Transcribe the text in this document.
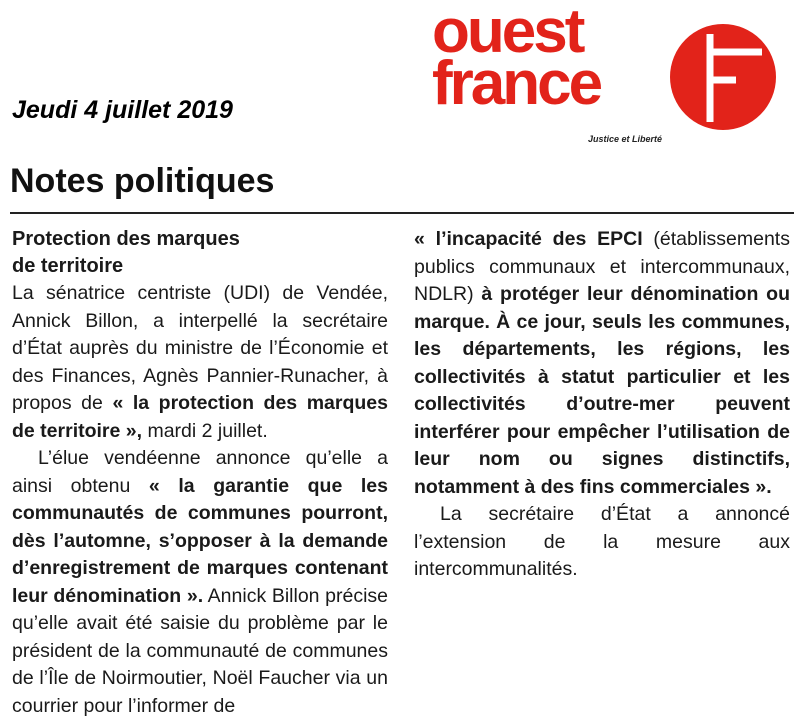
Jeudi 4 juillet 2019
ouest
france
Justice et Liberté
Notes politiques

Protection des marques
de territoire

La sénatrice centriste (UDI) de Vendée, Annick Billon, a interpellé la secrétaire d’État auprès du ministre de l’Économie et des Finances, Agnès Pannier-Runacher, à propos de « la protection des marques de territoire », mardi 2 juillet.

L’élue vendéenne annonce qu’elle a ainsi obtenu « la garantie que les communautés de communes pourront, dès l’automne, s’opposer à la demande d’enregistrement de marques contenant leur dénomination ». Annick Billon précise qu’elle avait été saisie du problème par le président de la communauté de communes de l’Île de Noirmoutier, Noël Faucher via un courrier pour l’informer de

« l’incapacité des EPCI (établissements publics communaux et intercommunaux, NDLR) à protéger leur dénomination ou marque. À ce jour, seuls les communes, les départements, les régions, les collectivités à statut particulier et les collectivités d’outre-mer peuvent interférer pour empêcher l’utilisation de leur nom ou signes distinctifs, notamment à des fins commerciales ».

La secrétaire d’État a annoncé l’extension de la mesure aux intercommunalités.
